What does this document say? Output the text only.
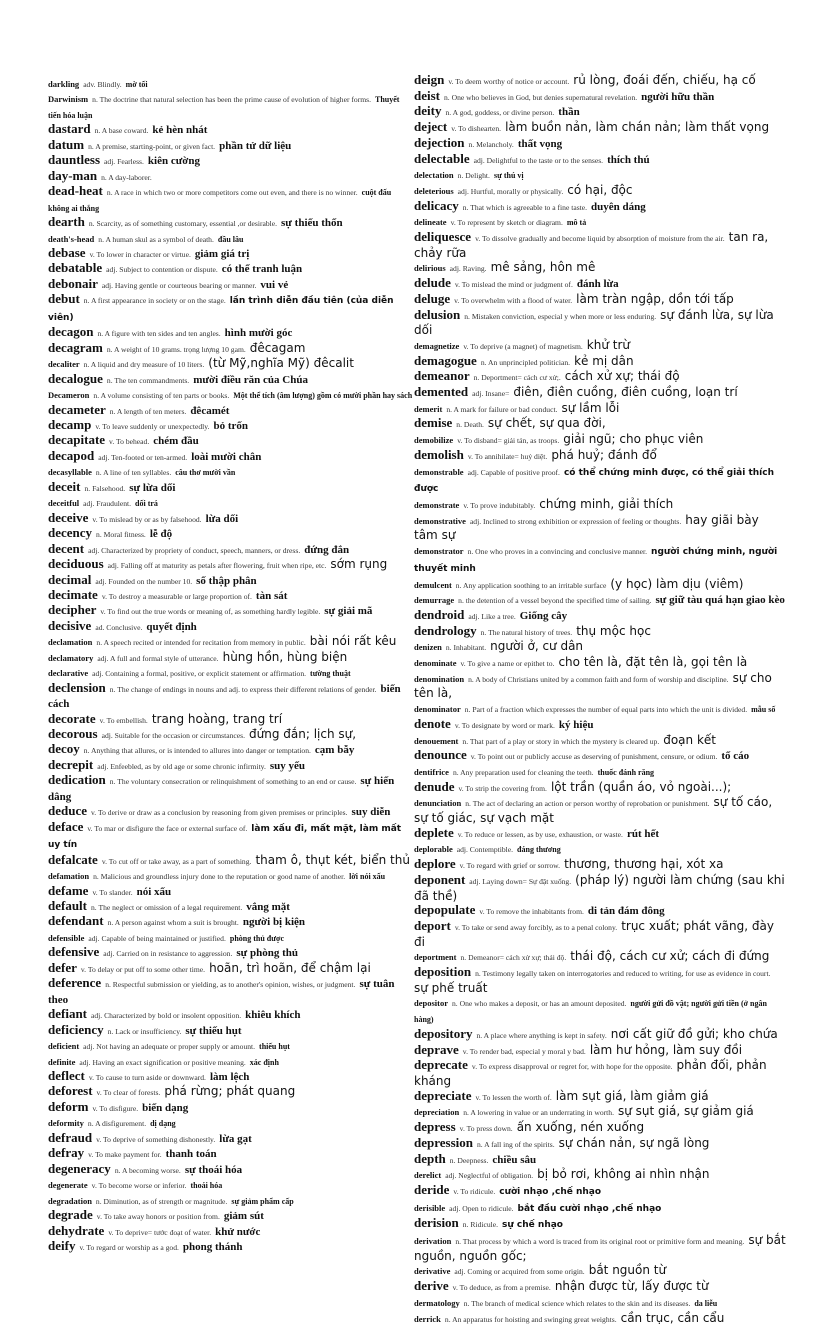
darkling adv. Blindly. mờ tối
Darwinism n. The doctrine that natural selection has been the prime cause of evolution of higher forms. Thuyết tiến hóa luận
dastard n. A base coward. kẻ hèn nhát
datum n. A premise, starting-point, or given fact. phần tử dữ liệu
dauntless adj. Fearless. kiên cường
day-man n. A day-laborer.
dead-heat n. A race in which two or more competitors come out even, and there is no winner. cuột đấu không ai thắng
dearth n. Scarcity, as of something customary, essential ,or desirable. sự thiếu thốn
death's-head n. A human skul as a symbol of death. đầu lâu
debase v. To lower in character or virtue. giảm giá trị
debatable adj. Subject to contention or dispute. có thể tranh luận
debonair adj. Having gentle or courteous bearing or manner. vui vẻ
debut n. A first appearance in society or on the stage. lần trình diễn đầu tiên (của diễn viên)
decagon n. A figure with ten sides and ten angles. hình mười góc
decagram n. A weight of 10 grams. trọng lượng 10 gam. đêcagam
decaliter n. A liquid and dry measure of 10 liters. (từ Mỹ,nghĩa Mỹ) đêcalit
decalogue n. The ten commandments. mười điều răn của Chúa
Decameron n. A volume consisting of ten parts or books. Một thể tích (âm lượng) gồm có mười phần hay sách
decameter n. A length of ten meters. đêcamét
decamp v. To leave suddenly or unexpectedly. bỏ trốn
decapitate v. To behead. chém đầu
decapod adj. Ten-footed or ten-armed. loài mười chân
decasyllable n. A line of ten syllables. câu thơ mười vần
deceit n. Falsehood. sự lừa dối
deceitful adj. Fraudulent. dối trá
deceive v. To mislead by or as by falsehood. lừa dối
decency n. Moral fitness. lễ độ
decent adj. Characterized by propriety of conduct, speech, manners, or dress. đứng đắn
deciduous adj. Falling off at maturity as petals after flowering, fruit when ripe, etc. sớm rụng
decimal adj. Founded on the number 10. số thập phân
decimate v. To destroy a measurable or large proportion of. tàn sát
decipher v. To find out the true words or meaning of, as something hardly legible. sự giải mã
decisive ad. Conclusive. quyết định
declamation n. A speech recited or intended for recitation from memory in public. bài nói rất kêu
declamatory adj. A full and formal style of utterance. hùng hồn, hùng biện
declarative adj. Containing a formal, positive, or explicit statement or affirmation. tường thuật
declension n. The change of endings in nouns and adj. to express their different relations of gender. biến cách
decorate v. To embellish. trang hoàng, trang trí
decorous adj. Suitable for the occasion or circumstances. đứng đắn; lịch sự,
decoy n. Anything that allures, or is intended to allures into danger or temptation. cạm bẫy
decrepit adj. Enfeebled, as by old age or some chronic infirmity. suy yếu
dedication n. The voluntary consecration or relinquishment of something to an end or cause. sự hiến dâng
deduce v. To derive or draw as a conclusion by reasoning from given premises or principles. suy diễn
deface v. To mar or disfigure the face or external surface of. làm xấu đi, mất mặt, làm mất uy tín
defalcate v. To cut off or take away, as a part of something. tham ô, thụt két, biển thủ
defamation n. Malicious and groundless injury done to the reputation or good name of another. lời nói xấu
defame v. To slander. nói xấu
default n. The neglect or omission of a legal requirement. vắng mặt
defendant n. A person against whom a suit is brought. người bị kiện
defensible adj. Capable of being maintained or justified. phòng thủ được
defensive adj. Carried on in resistance to aggression. sự phòng thủ
defer v. To delay or put off to some other time. hoãn, trì hoãn, để chậm lại
deference n. Respectful submission or yielding, as to another's opinion, wishes, or judgment. sự tuân theo
defiant adj. Characterized by bold or insolent opposition. khiêu khích
deficiency n. Lack or insufficiency. sự thiếu hụt
deficient adj. Not having an adequate or proper supply or amount. thiếu hụt
definite adj. Having an exact signification or positive meaning. xác định
deflect v. To cause to turn aside or downward. làm lệch
deforest v. To clear of forests. phá rừng; phát quang
deform v. To disfigure. biến dạng
deformity n. A disfigurement. dị dạng
defraud v. To deprive of something dishonestly. lừa gạt
defray v. To make payment for. thanh toán
degeneracy n. A becoming worse. sự thoái hóa
degenerate v. To become worse or inferior. thoái hóa
degradation n. Diminution, as of strength or magnitude. sự giảm phẩm cấp
degrade v. To take away honors or position from. giảm sút
dehydrate v. To deprive= tước đoạt of water. khử nước
deify v. To regard or worship as a god. phong thánh
deign v. To deem worthy of notice or account. rủ lòng, đoái đến, chiếu, hạ cố
deist n. One who believes in God, but denies supernatural revelation. người hữu thần
deity n. A god, goddess, or divine person. thần
deject v. To dishearten. làm buồn nản, làm chán nản; làm thất vọng
dejection n. Melancholy. thất vọng
delectable adj. Delightful to the taste or to the senses. thích thú
delectation n. Delight. sự thú vị
deleterious adj. Hurtful, morally or physically. có hại, độc
delicacy n. That which is agreeable to a fine taste. duyên dáng
delineate v. To represent by sketch or diagram. mô tả
deliquesce v. To dissolve gradually and become liquid by absorption of moisture from the air. tan ra, chảy rữa
delirious adj. Raving. mê sảng, hôn mê
delude v. To mislead the mind or judgment of. đánh lừa
deluge v. To overwhelm with a flood of water. làm tràn ngập, dồn tới tấp
delusion n. Mistaken conviction, especial y when more or less enduring. sự đánh lừa, sự lừa dối
demagnetize v. To deprive (a magnet) of magnetism. khử trừ
demagogue n. An unprincipled politician. kẻ mị dân
demeanor n. Deportment= cách cư xử;. cách xử xự; thái độ
demented adj. Insane= điên, điên cuồng, điên cuồng, loạn trí
demerit n. A mark for failure or bad conduct. sự lầm lỗi
demise n. Death. sự chết, sự qua đời,
demobilize v. To disband= giải tán, as troops. giải ngũ; cho phục viên
demolish v. To annihilate= huỷ diệt. phá huỷ; đánh đổ
demonstrable adj. Capable of positive proof. có thể chứng minh được, có thể giải thích được
demonstrate v. To prove indubitably. chứng minh, giải thích
demonstrative adj. Inclined to strong exhibition or expression of feeling or thoughts. hay giãi bày tâm sự
demonstrator n. One who proves in a convincing and conclusive manner. người chứng minh, người thuyết minh
demulcent n. Any application soothing to an irritable surface (y học) làm dịu (viêm)
demurrage n. the detention of a vessel beyond the specified time of sailing. sự giữ tàu quá hạn giao kèo
dendroid adj. Like a tree. Giống cây
dendrology n. The natural history of trees. thụ mộc học
denizen n. Inhabitant. người ở, cư dân
denominate v. To give a name or epithet to. cho tên là, đặt tên là, gọi tên là
denomination n. A body of Christians united by a common faith and form of worship and discipline. sự cho tên là,
denominator n. Part of a fraction which expresses the number of equal parts into which the unit is divided. mẫu số
denote v. To designate by word or mark. ký hiệu
denouement n. That part of a play or story in which the mystery is cleared up. đoạn kết
denounce v. To point out or publicly accuse as deserving of punishment, censure, or odium. tố cáo
dentifrice n. Any preparation used for cleaning the teeth. thuốc đánh răng
denude v. To strip the covering from. lột trần (quần áo, vỏ ngoài...);
denunciation n. The act of declaring an action or person worthy of reprobation or punishment. sự tố cáo, sự tố giác, sự vạch mặt
deplete v. To reduce or lessen, as by use, exhaustion, or waste. rút hết
deplorable adj. Contemptible. đáng thương
deplore v. To regard with grief or sorrow. thương, thương hại, xót xa
deponent adj. Laying down= Sự đặt xuống. (pháp lý) người làm chứng (sau khi đã thề)
depopulate v. To remove the inhabitants from. di tản đám đông
deport v. To take or send away forcibly, as to a penal colony. trục xuất; phát vãng, đày đi
deportment n. Demeanor= cách xử xự; thái độ. thái độ, cách cư xử; cách đi đứng
deposition n. Testimony legally taken on interrogatories and reduced to writing, for use as evidence in court. sự phế truất
depositor n. One who makes a deposit, or has an amount deposited. người gửi đồ vật; người gửi tiền (ở ngân hàng)
depository n. A place where anything is kept in safety. nơi cất giữ đồ gửi; kho chứa
deprave v. To render bad, especial y moral y bad. làm hư hỏng, làm suy đồi
deprecate v. To express disapproval or regret for, with hope for the opposite. phản đối, phản kháng
depreciate v. To lessen the worth of. làm sụt giá, làm giảm giá
depreciation n. A lowering in value or an underrating in worth. sự sụt giá, sự giảm giá
depress v. To press down. ấn xuống, nén xuống
depression n. A fall ing of the spirits. sự chán nản, sự ngã lòng
depth n. Deepness. chiều sâu
derelict adj. Neglectful of obligation. bị bỏ rơi, không ai nhìn nhận
deride v. To ridicule. cười nhạo ,chế nhạo
derisible adj. Open to ridicule. bắt đầu cười nhạo ,chế nhạo
derision n. Ridicule. sự chế nhạo
derivation n. That process by which a word is traced from its original root or primitive form and meaning. sự bắt nguồn, nguồn gốc;
derivative adj. Coming or acquired from some origin. bắt nguồn từ
derive v. To deduce, as from a premise. nhận được từ, lấy được từ
dermatology n. The branch of medical science which relates to the skin and its diseases. da liễu
derrick n. An apparatus for hoisting and swinging great weights. cần trục, cần cẩu
